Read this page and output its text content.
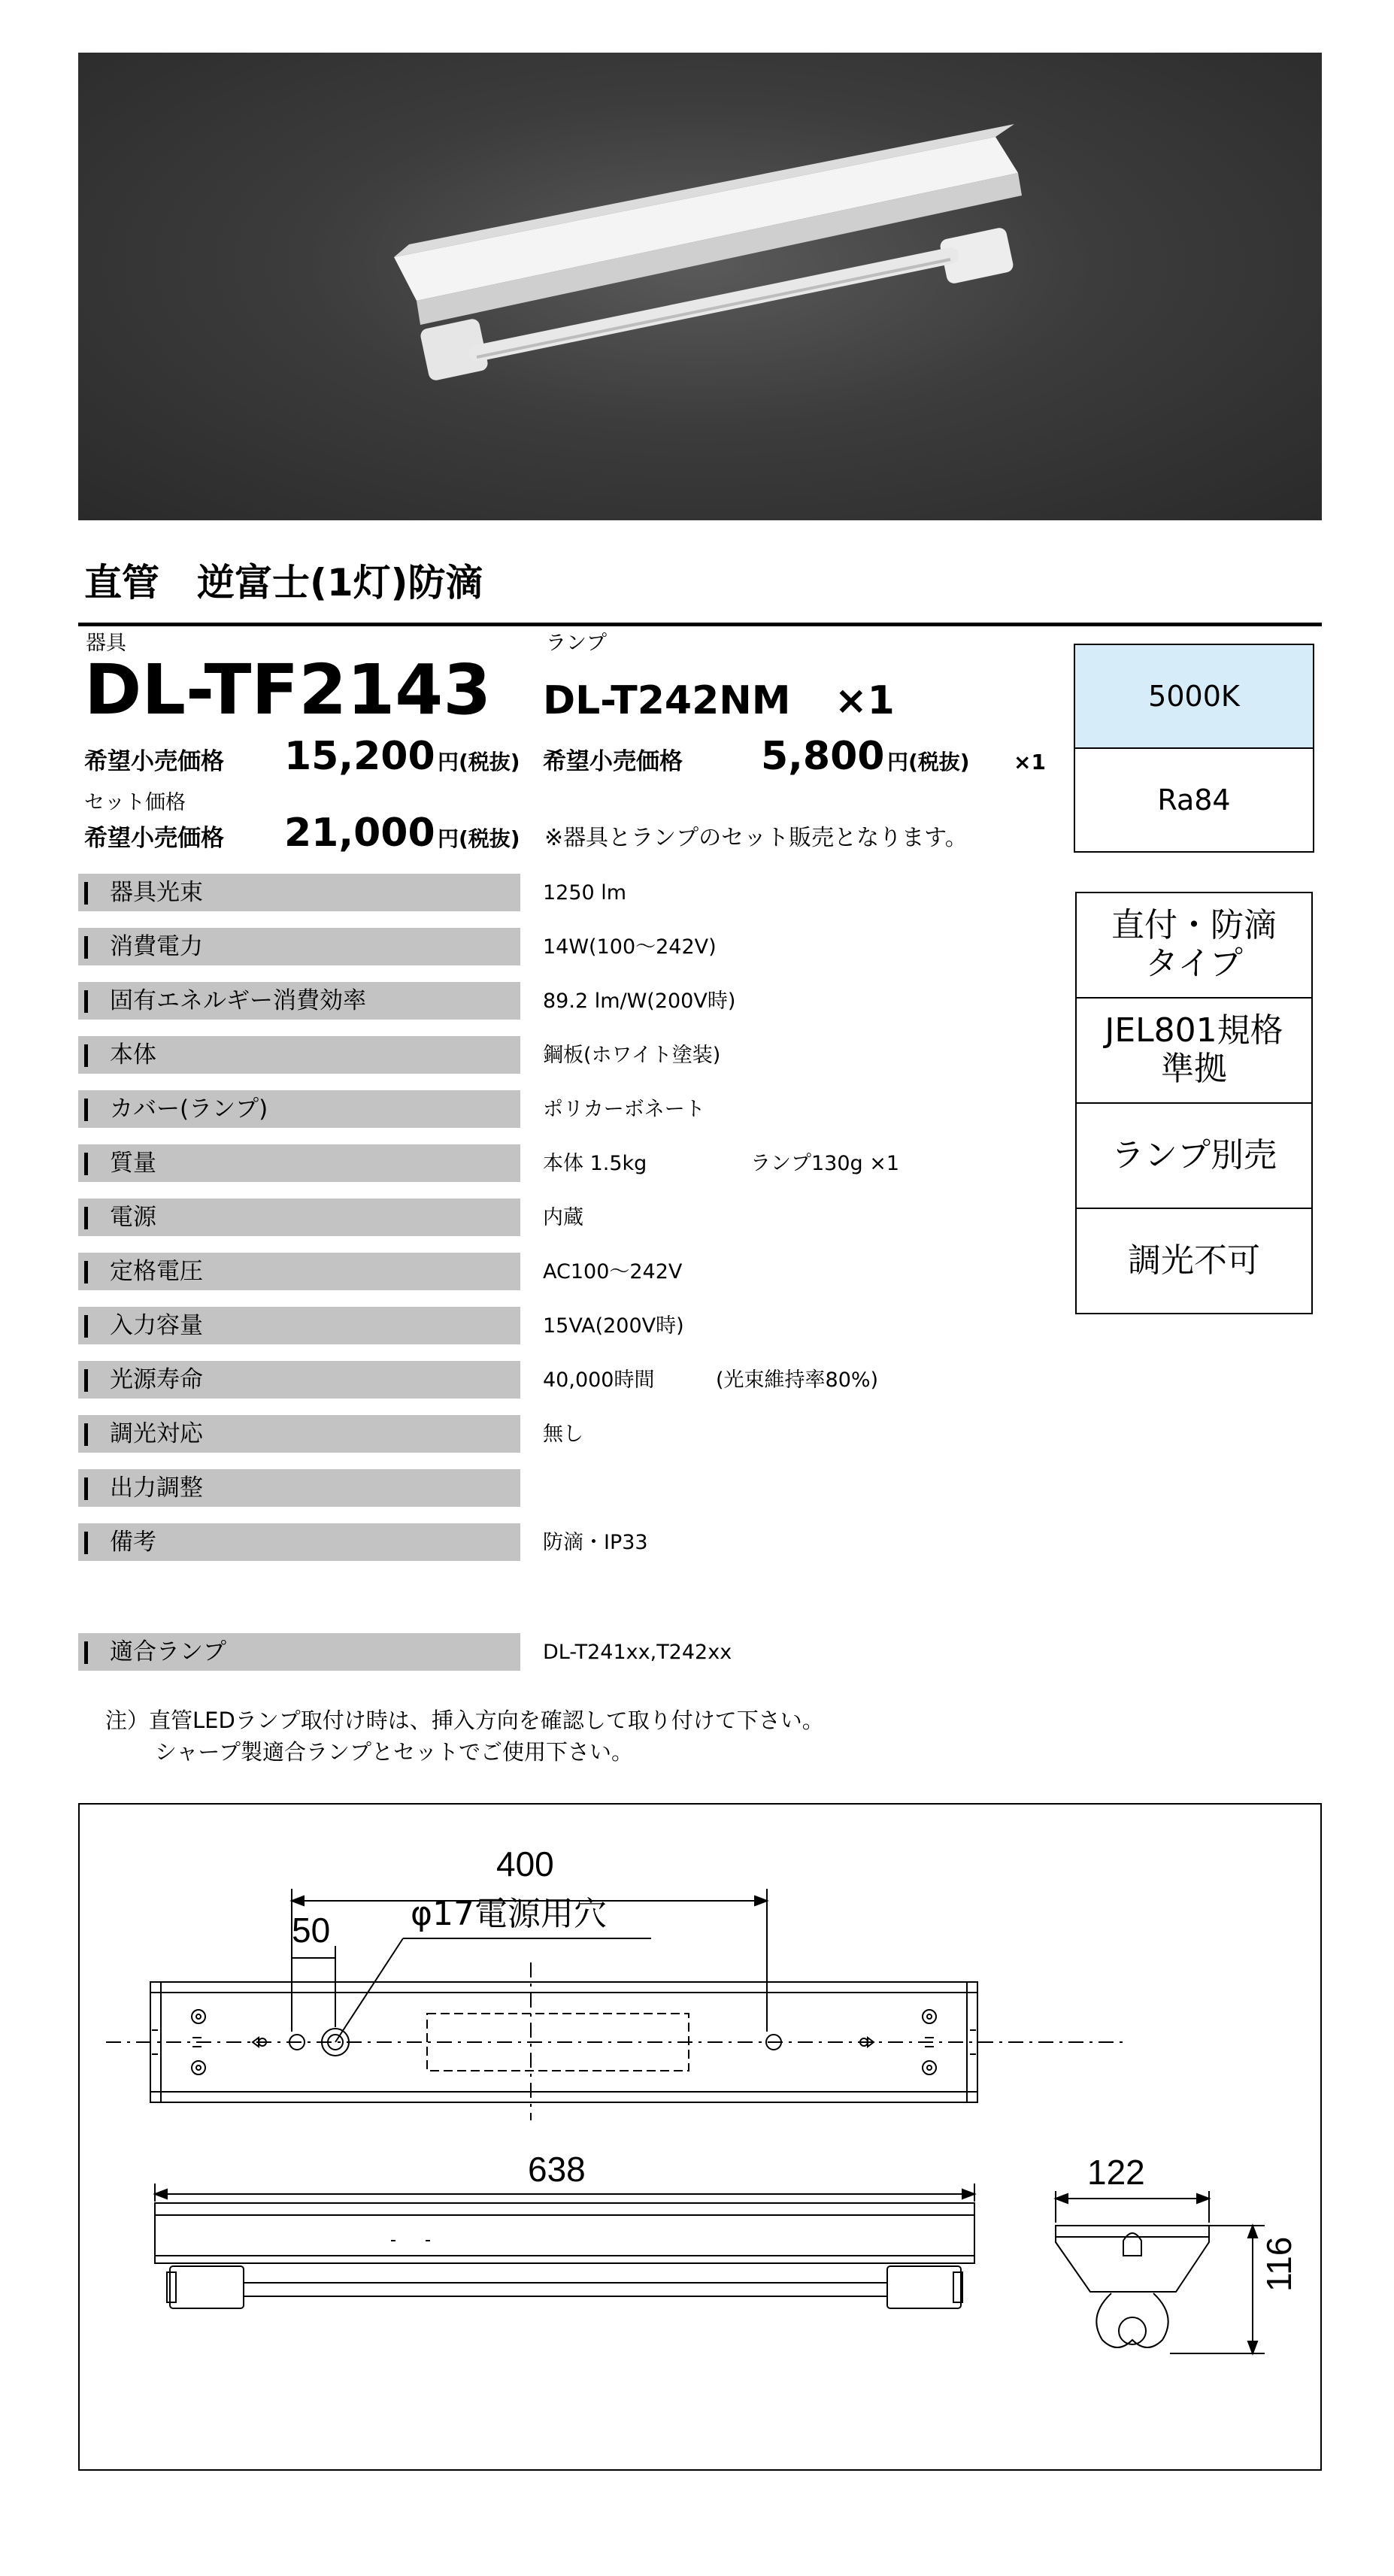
直管　逆富士(1灯)防滴
器具
DL-TF2143
ランプ
DL-T242NM ×1
希望小売価格 15,200 円(税抜) 希望小売価格 5,800 円(税抜) ×1
セット価格
希望小売価格 21,000 円(税抜) ※器具とランプのセット販売となります。
5000K
Ra84
器具光束	1250 lm
消費電力	14W(100～242V)
固有エネルギー消費効率	89.2 lm/W(200V時)
本体	鋼板(ホワイト塗装)
カバー(ランプ)	ポリカーボネート
質量	本体 1.5kg	ランプ130g ×1
電源	内蔵
定格電圧	AC100～242V
入力容量	15VA(200V時)
光源寿命	40,000時間	(光束維持率80%)
調光対応	無し
出力調整
備考	防滴・IP33
適合ランプ	DL-T241xx,T242xx
直付・防滴
タイプ
JEL801規格
準拠
ランプ別売
調光不可
注）直管LEDランプ取付け時は、挿入方向を確認して取り付けて下さい。
シャープ製適合ランプとセットでご使用下さい。
400
50 φ17電源用穴
638	122
116
